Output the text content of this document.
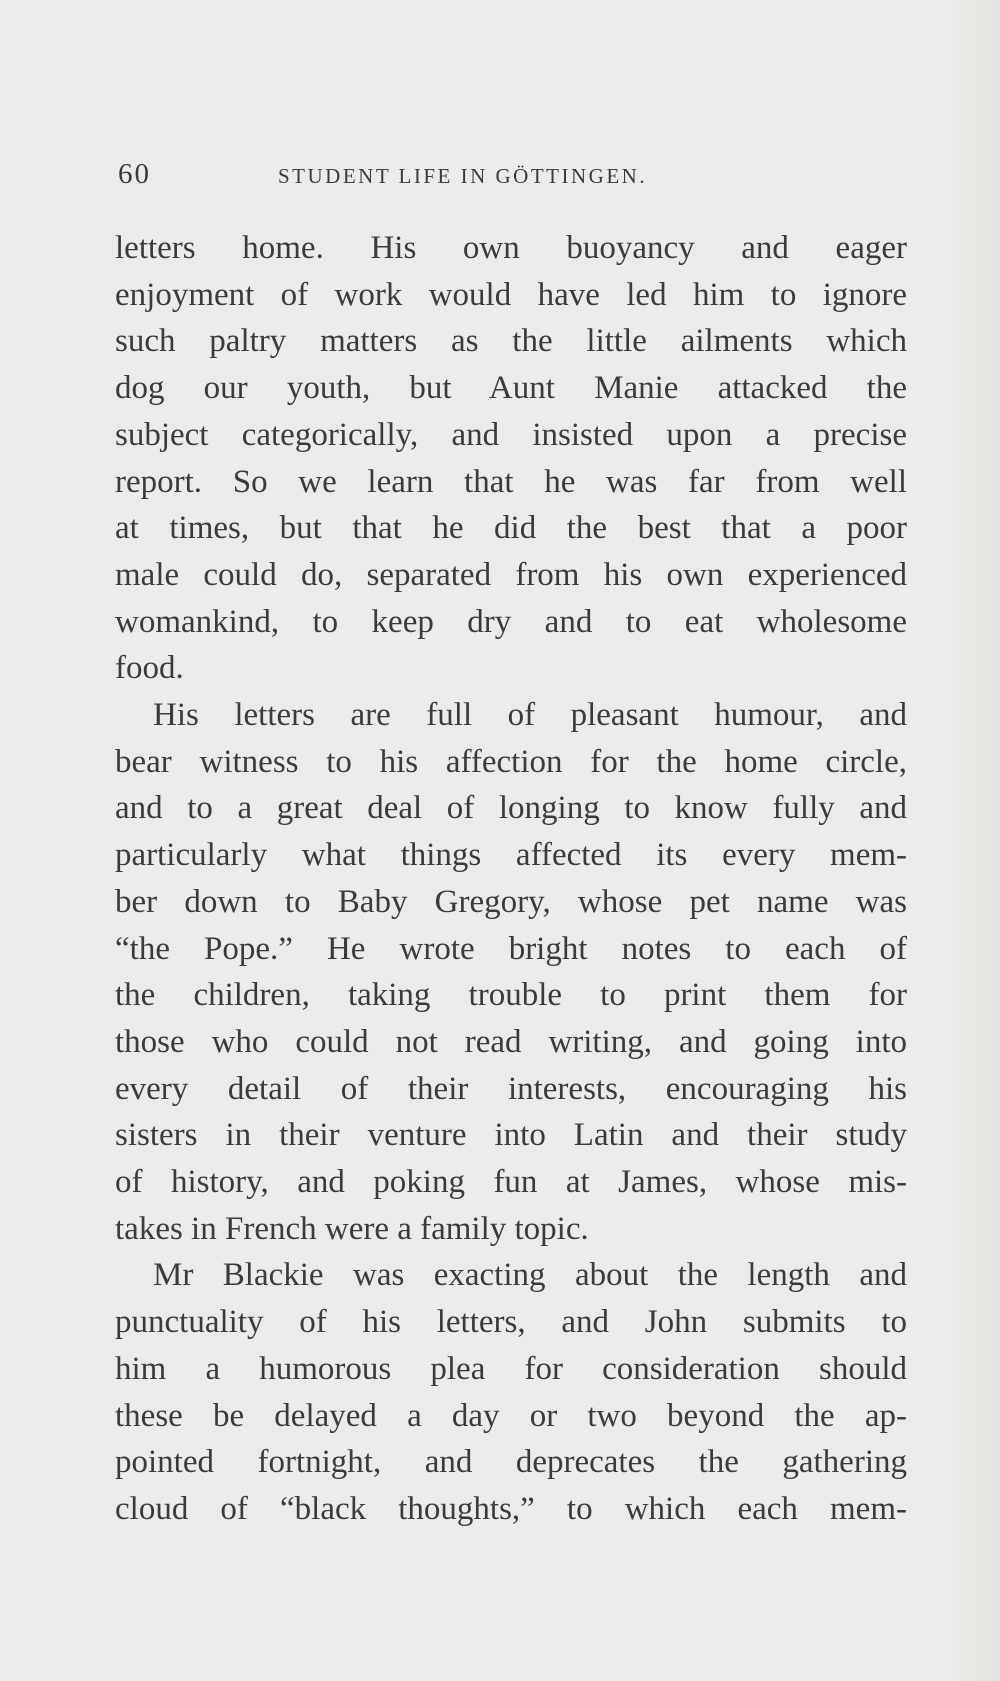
60	STUDENT LIFE IN GÖTTINGEN.
letters home. His own buoyancy and eager
enjoyment of work would have led him to ignore
such paltry matters as the little ailments which
dog our youth, but Aunt Manie attacked the
subject categorically, and insisted upon a precise
report. So we learn that he was far from well
at times, but that he did the best that a poor
male could do, separated from his own experienced
womankind, to keep dry and to eat wholesome
food.
His letters are full of pleasant humour, and
bear witness to his affection for the home circle,
and to a great deal of longing to know fully and
particularly what things affected its every mem-
ber down to Baby Gregory, whose pet name was
“the Pope.” He wrote bright notes to each of
the children, taking trouble to print them for
those who could not read writing, and going into
every detail of their interests, encouraging his
sisters in their venture into Latin and their study
of history, and poking fun at James, whose mis-
takes in French were a family topic.
Mr Blackie was exacting about the length and
punctuality of his letters, and John submits to
him a humorous plea for consideration should
these be delayed a day or two beyond the ap-
pointed fortnight, and deprecates the gathering
cloud of “black thoughts,” to which each mem-
